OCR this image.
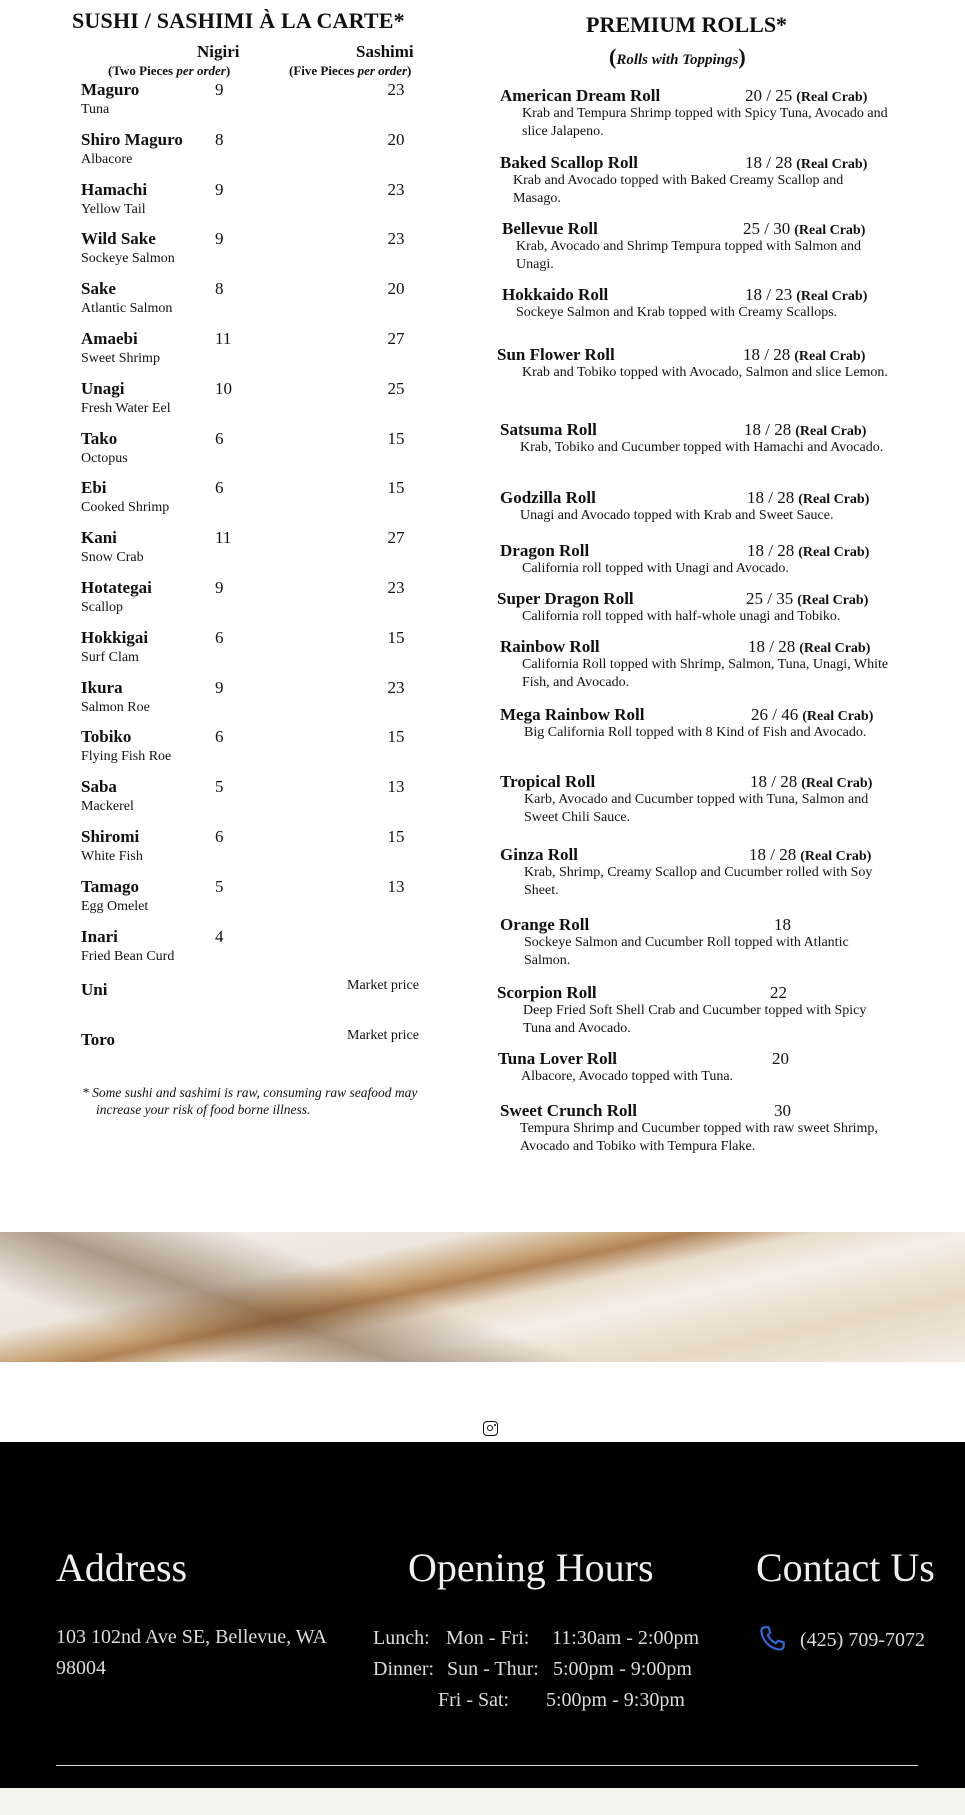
SUSHI / SASHIMI À LA CARTE*
Nigiri	Sashimi
(Two Pieces per order)	(Five Pieces per order)
Maguro
Tuna
9	23
Shiro Maguro
Albacore
8	20
Hamachi
Yellow Tail
9	23
Wild Sake
Sockeye Salmon
9	23
Sake
Atlantic Salmon
8	20
Amaebi
Sweet Shrimp
11	27
Unagi
Fresh Water Eel
10	25
Tako
Octopus
6	15
Ebi
Cooked Shrimp
6	15
Kani
Snow Crab
11	27
Hotategai
Scallop
9	23
Hokkigai
Surf Clam
6	15
Ikura
Salmon Roe
9	23
Tobiko
Flying Fish Roe
6	15
Saba
Mackerel
5	13
Shiromi
White Fish
6	15
Tamago
Egg Omelet
5	13
Inari
Fried Bean Curd
4
Uni	Market price
Toro	Market price
* Some sushi and sashimi is raw, consuming raw seafood may
increase your risk of food borne illness.
PREMIUM ROLLS*
(Rolls with Toppings)
American Dream Roll	20 / 25 (Real Crab)
Krab and Tempura Shrimp topped with Spicy Tuna, Avocado and slice Jalapeno.
Baked Scallop Roll	18 / 28 (Real Crab)
Krab and Avocado topped with Baked Creamy Scallop and Masago.
Bellevue Roll	25 / 30 (Real Crab)
Krab, Avocado and Shrimp Tempura topped with Salmon and Unagi.
Hokkaido Roll	18 / 23 (Real Crab)
Sockeye Salmon and Krab topped with Creamy Scallops.
Sun Flower Roll	18 / 28 (Real Crab)
Krab and Tobiko topped with Avocado, Salmon and slice Lemon.
Satsuma Roll	18 / 28 (Real Crab)
Krab, Tobiko and Cucumber topped with Hamachi and Avocado.
Godzilla Roll	18 / 28 (Real Crab)
Unagi and Avocado topped with Krab and Sweet Sauce.
Dragon Roll	18 / 28 (Real Crab)
California roll topped with Unagi and Avocado.
Super Dragon Roll	25 / 35 (Real Crab)
California roll topped with half-whole unagi and Tobiko.
Rainbow Roll	18 / 28 (Real Crab)
California Roll topped with Shrimp, Salmon, Tuna, Unagi, White Fish, and Avocado.
Mega Rainbow Roll	26 / 46 (Real Crab)
Big California Roll topped with 8 Kind of Fish and Avocado.
Tropical Roll	18 / 28 (Real Crab)
Karb, Avocado and Cucumber topped with Tuna, Salmon and Sweet Chili Sauce.
Ginza Roll	18 / 28 (Real Crab)
Krab, Shrimp, Creamy Scallop and Cucumber rolled with Soy Sheet.
Orange Roll	18
Sockeye Salmon and Cucumber Roll topped with Atlantic Salmon.
Scorpion Roll	22
Deep Fried Soft Shell Crab and Cucumber topped with Spicy Tuna and Avocado.
Tuna Lover Roll	20
Albacore, Avocado topped with Tuna.
Sweet Crunch Roll	30
Tempura Shrimp and Cucumber topped with raw sweet Shrimp, Avocado and Tobiko with Tempura Flake.
Address
103 102nd Ave SE, Bellevue, WA
98004
Opening Hours
Lunch: Mon - Fri: 11:30am - 2:00pm
Dinner: Sun - Thur: 5:00pm - 9:00pm
Fri - Sat: 5:00pm - 9:30pm
Contact Us
(425) 709-7072
